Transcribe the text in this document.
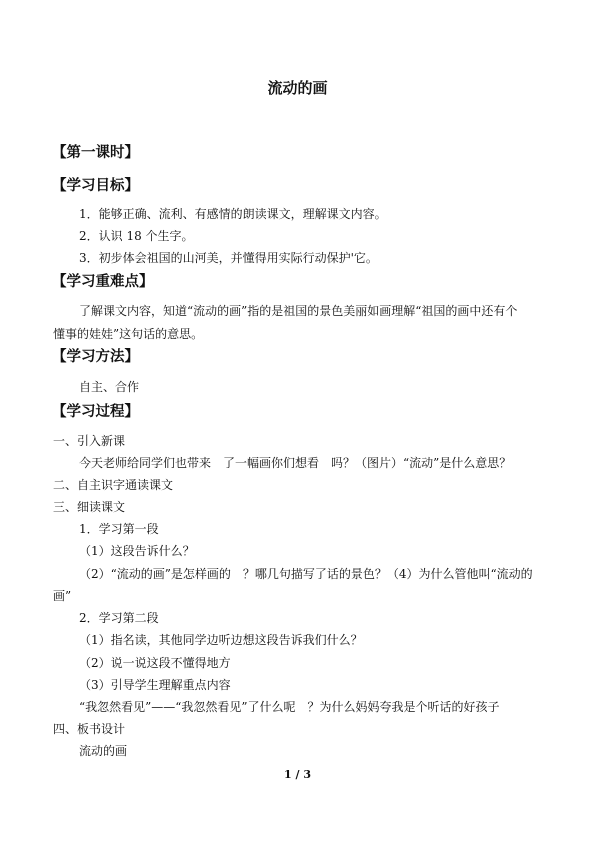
流动的画
【第一课时】
【学习目标】
1．能够正确、流利、有感情的朗读课文，理解课文内容。
2．认识 18 个生字。
3．初步体会祖国的山河美，并懂得用实际行动保护'它。
【学习重难点】
了解课文内容，知道“流动的画”指的是祖国的景色美丽如画理解“祖国的画中还有个
懂事的娃娃”这句话的意思。
【学习方法】
自主、合作
【学习过程】
一、引入新课
今天老师给同学们也带来　了一幅画你们想看　吗？（图片）“流动”是什么意思？
二、自主识字通读课文
三、细读课文
1．学习第一段
（1）这段告诉什么？
（2）“流动的画”是怎样画的　？哪几句描写了话的景色？（4）为什么管他叫“流动的
画”
2．学习第二段
（1）指名读，其他同学边听边想这段告诉我们什么？
（2）说一说这段不懂得地方
（3）引导学生理解重点内容
“我忽然看见”——“我忽然看见”了什么呢　？为什么妈妈夸我是个听话的好孩子
四、板书设计
流动的画
1 / 3
